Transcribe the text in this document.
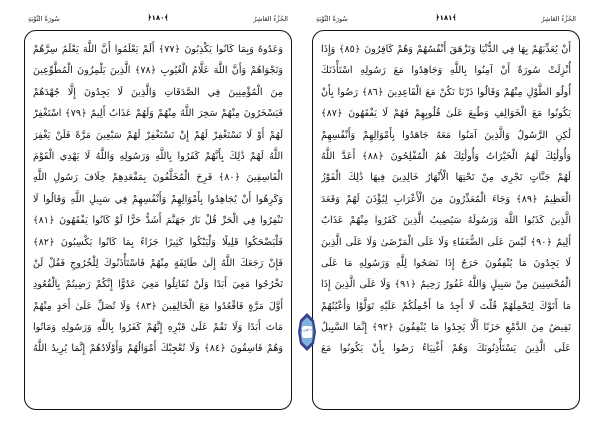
سُورَةُ التَّوْبَةِ	﴿١٨٠﴾	الجُزْءُ العَاشِرُ
وَعَدُوهُ وَبِمَا كَانُوا يَكْذِبُونَ ﴿٧٧﴾ أَلَمْ يَعْلَمُوا أَنَّ اللَّهَ يَعْلَمُ سِرَّهُمْ
وَنَجْوَاهُمْ وَأَنَّ اللَّهَ عَلَّامُ الْغُيُوبِ ﴿٧٨﴾ الَّذِينَ يَلْمِزُونَ الْمُطَّوِّعِينَ
مِنَ الْمُؤْمِنِينَ فِي الصَّدَقَاتِ وَالَّذِينَ لَا يَجِدُونَ إِلَّا جُهْدَهُمْ
فَيَسْخَرُونَ مِنْهُمْ سَخِرَ اللَّهُ مِنْهُمْ وَلَهُمْ عَذَابٌ أَلِيمٌ ﴿٧٩﴾ اسْتَغْفِرْ
لَهُمْ أَوْ لَا تَسْتَغْفِرْ لَهُمْ إِنْ تَسْتَغْفِرْ لَهُمْ سَبْعِينَ مَرَّةً فَلَنْ يَغْفِرَ
اللَّهُ لَهُمْ ذَٰلِكَ بِأَنَّهُمْ كَفَرُوا بِاللَّهِ وَرَسُولِهِ وَاللَّهُ لَا يَهْدِي الْقَوْمَ
الْفَاسِقِينَ ﴿٨٠﴾ فَرِحَ الْمُخَلَّفُونَ بِمَقْعَدِهِمْ خِلَافَ رَسُولِ اللَّهِ
وَكَرِهُوا أَنْ يُجَاهِدُوا بِأَمْوَالِهِمْ وَأَنْفُسِهِمْ فِي سَبِيلِ اللَّهِ وَقَالُوا لَا
تَنْفِرُوا فِي الْحَرِّ قُلْ نَارُ جَهَنَّمَ أَشَدُّ حَرًّا لَوْ كَانُوا يَفْقَهُونَ ﴿٨١﴾
فَلْيَضْحَكُوا قَلِيلًا وَلْيَبْكُوا كَثِيرًا جَزَاءً بِمَا كَانُوا يَكْسِبُونَ ﴿٨٢﴾
فَإِنْ رَجَعَكَ اللَّهُ إِلَىٰ طَائِفَةٍ مِنْهُمْ فَاسْتَأْذَنُوكَ لِلْخُرُوجِ فَقُلْ لَنْ
تَخْرُجُوا مَعِيَ أَبَدًا وَلَنْ تُقَاتِلُوا مَعِيَ عَدُوًّا إِنَّكُمْ رَضِيتُمْ بِالْقُعُودِ
أَوَّلَ مَرَّةٍ فَاقْعُدُوا مَعَ الْخَالِفِينَ ﴿٨٣﴾ وَلَا تُصَلِّ عَلَىٰ أَحَدٍ مِنْهُمْ
مَاتَ أَبَدًا وَلَا تَقُمْ عَلَىٰ قَبْرِهِ إِنَّهُمْ كَفَرُوا بِاللَّهِ وَرَسُولِهِ وَمَاتُوا
وَهُمْ فَاسِقُونَ ﴿٨٤﴾ وَلَا تُعْجِبْكَ أَمْوَالُهُمْ وَأَوْلَادُهُمْ إِنَّمَا يُرِيدُ اللَّهُ
سُورَةُ التَّوْبَةِ	﴿١٨١﴾	الجُزْءُ العَاشِرُ
أَنْ يُعَذِّبَهُمْ بِهَا فِي الدُّنْيَا وَتَزْهَقَ أَنْفُسُهُمْ وَهُمْ كَافِرُونَ ﴿٨٥﴾ وَإِذَا
أُنْزِلَتْ سُورَةٌ أَنْ آمِنُوا بِاللَّهِ وَجَاهِدُوا مَعَ رَسُولِهِ اسْتَأْذَنَكَ
أُولُو الطَّوْلِ مِنْهُمْ وَقَالُوا ذَرْنَا نَكُنْ مَعَ الْقَاعِدِينَ ﴿٨٦﴾ رَضُوا بِأَنْ
يَكُونُوا مَعَ الْخَوَالِفِ وَطُبِعَ عَلَىٰ قُلُوبِهِمْ فَهُمْ لَا يَفْقَهُونَ ﴿٨٧﴾
لَٰكِنِ الرَّسُولُ وَالَّذِينَ آمَنُوا مَعَهُ جَاهَدُوا بِأَمْوَالِهِمْ وَأَنْفُسِهِمْ
وَأُولَٰئِكَ لَهُمُ الْخَيْرَاتُ وَأُولَٰئِكَ هُمُ الْمُفْلِحُونَ ﴿٨٨﴾ أَعَدَّ اللَّهُ
لَهُمْ جَنَّاتٍ تَجْرِي مِنْ تَحْتِهَا الْأَنْهَارُ خَالِدِينَ فِيهَا ذَٰلِكَ الْفَوْزُ
الْعَظِيمُ ﴿٨٩﴾ وَجَاءَ الْمُعَذِّرُونَ مِنَ الْأَعْرَابِ لِيُؤْذَنَ لَهُمْ وَقَعَدَ
الَّذِينَ كَذَبُوا اللَّهَ وَرَسُولَهُ سَيُصِيبُ الَّذِينَ كَفَرُوا مِنْهُمْ عَذَابٌ
أَلِيمٌ ﴿٩٠﴾ لَيْسَ عَلَى الضُّعَفَاءِ وَلَا عَلَى الْمَرْضَىٰ وَلَا عَلَى الَّذِينَ
لَا يَجِدُونَ مَا يُنْفِقُونَ حَرَجٌ إِذَا نَصَحُوا لِلَّهِ وَرَسُولِهِ مَا عَلَى
الْمُحْسِنِينَ مِنْ سَبِيلٍ وَاللَّهُ غَفُورٌ رَحِيمٌ ﴿٩١﴾ وَلَا عَلَى الَّذِينَ إِذَا
مَا أَتَوْكَ لِتَحْمِلَهُمْ قُلْتَ لَا أَجِدُ مَا أَحْمِلُكُمْ عَلَيْهِ تَوَلَّوْا وَأَعْيُنُهُمْ
تَفِيضُ مِنَ الدَّمْعِ حَزَنًا أَلَّا يَجِدُوا مَا يُنْفِقُونَ ﴿٩٢﴾ إِنَّمَا السَّبِيلُ
عَلَى الَّذِينَ يَسْتَأْذِنُونَكَ وَهُمْ أَغْنِيَاءُ رَضُوا بِأَنْ يَكُونُوا مَعَ
٢٠ الحزب
